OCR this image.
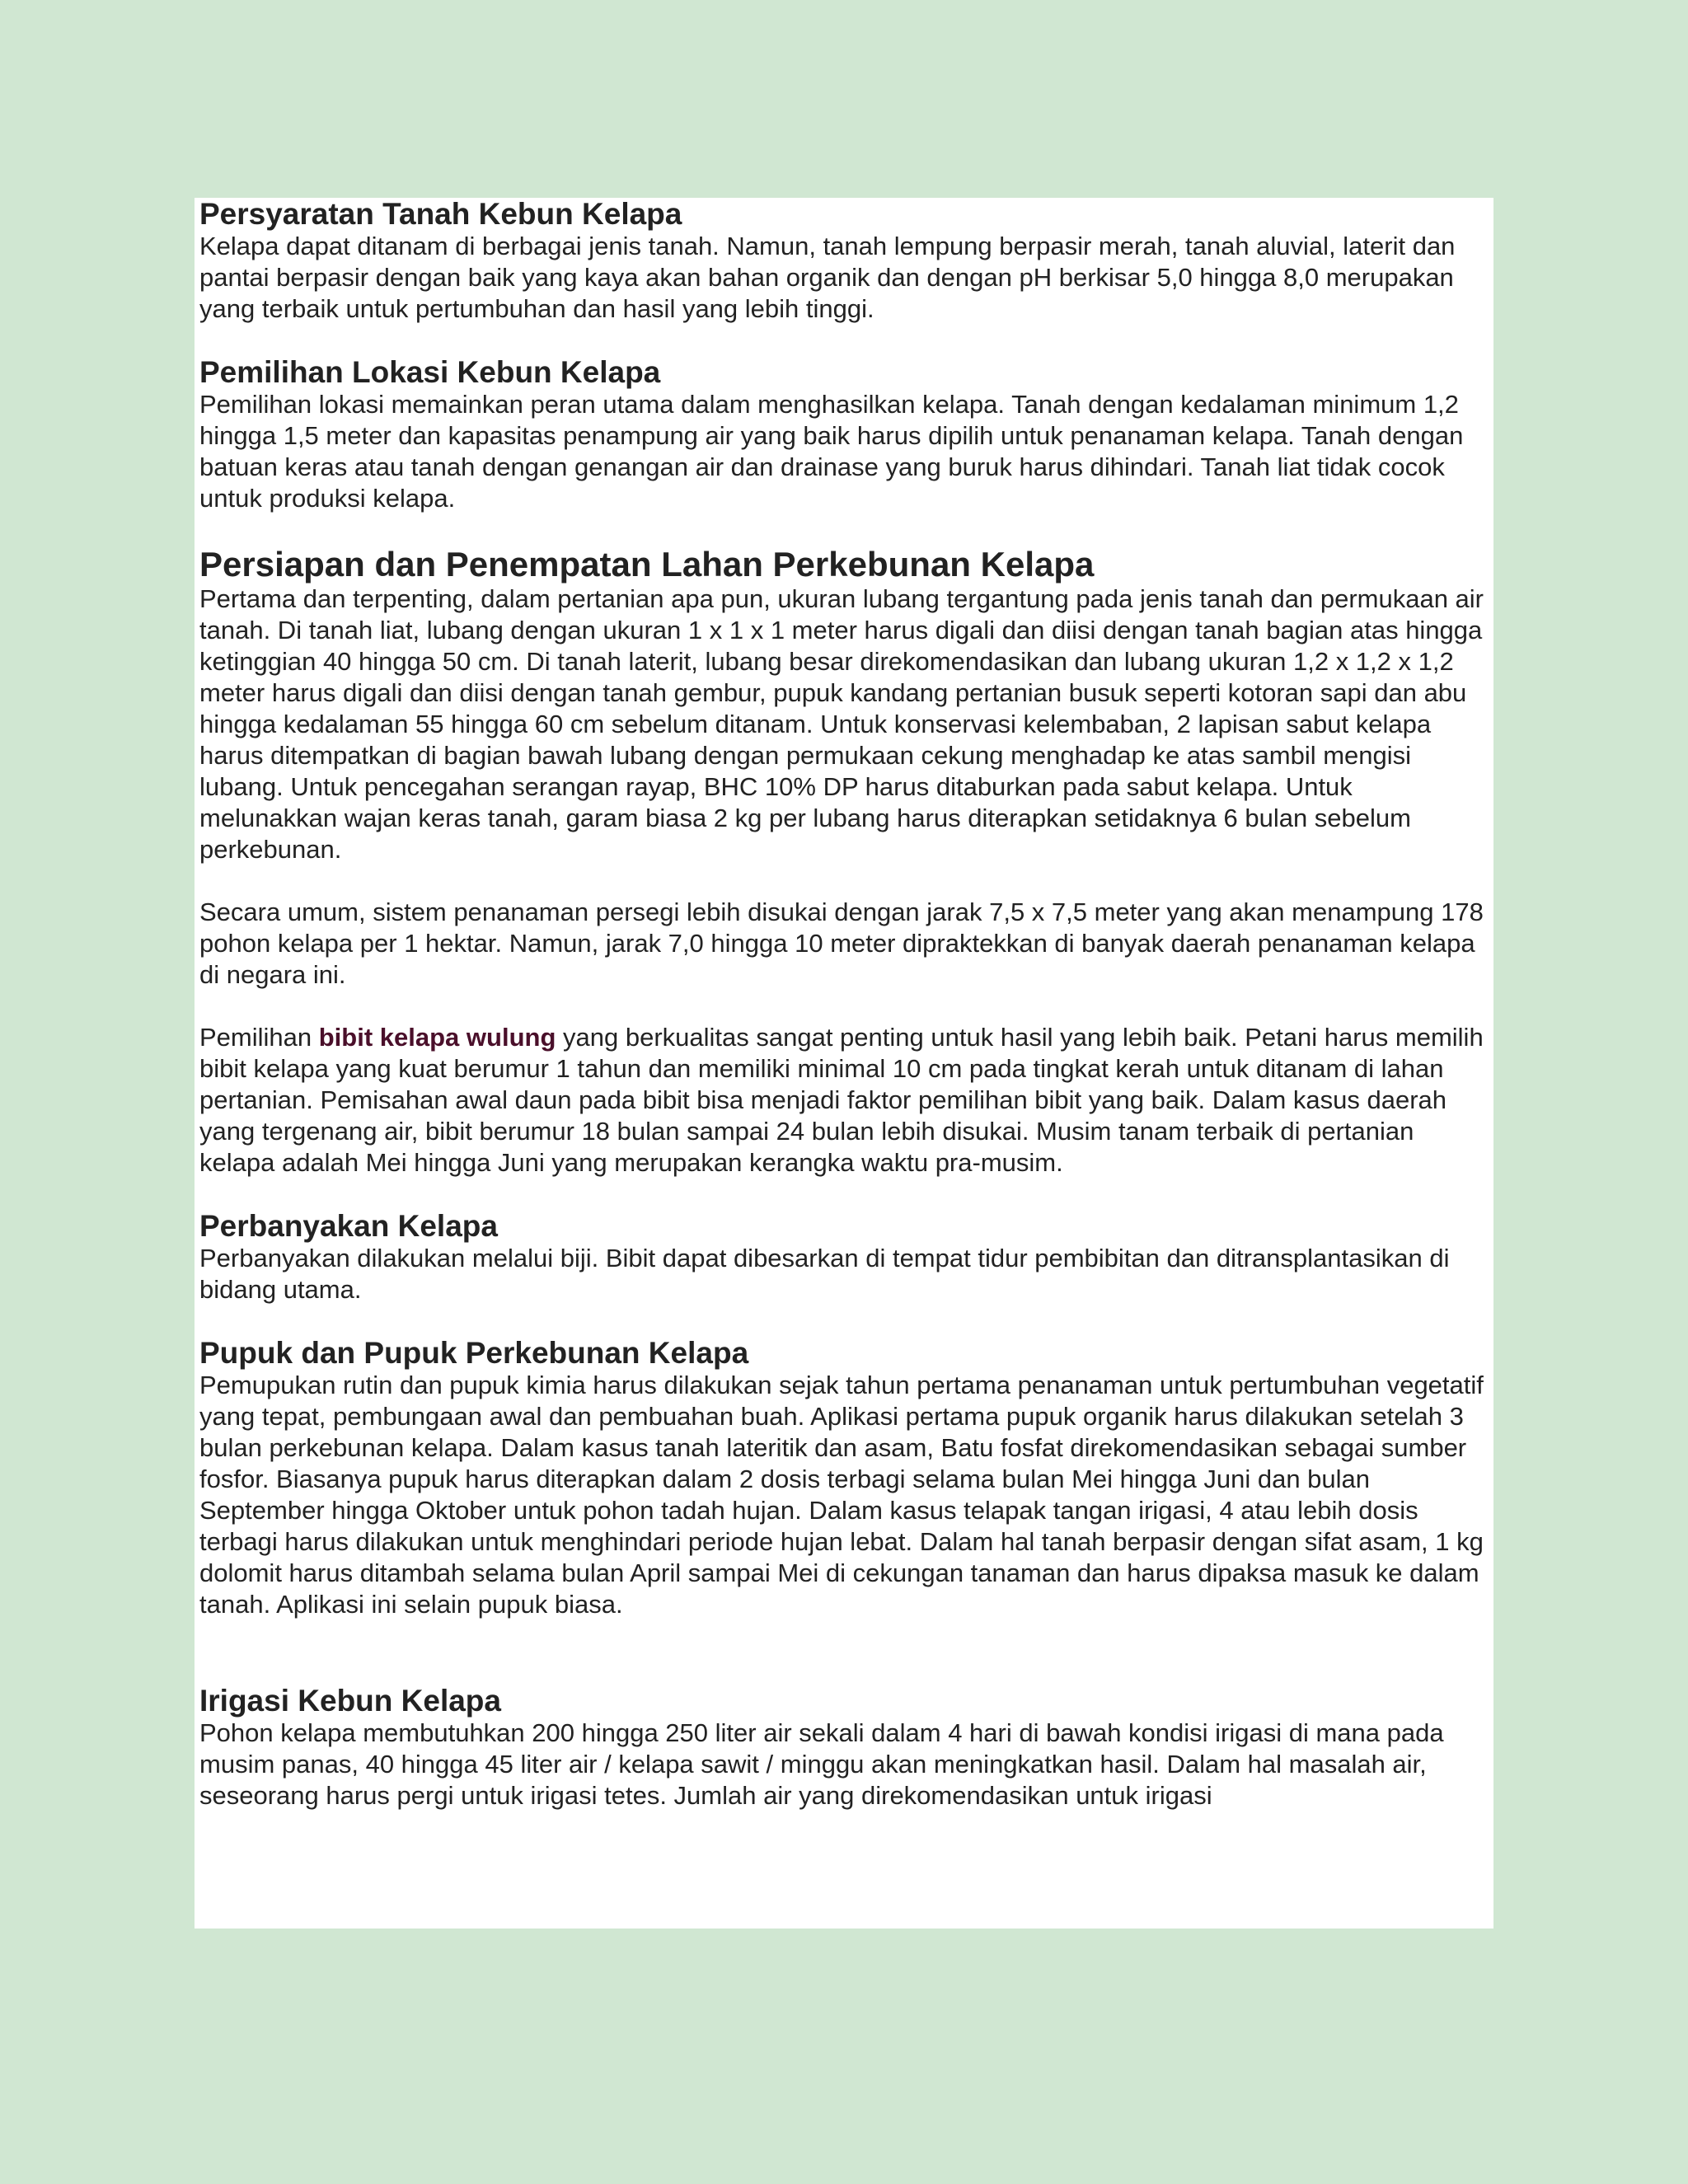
Persyaratan Tanah Kebun Kelapa

Kelapa dapat ditanam di berbagai jenis tanah. Namun, tanah lempung berpasir merah, tanah aluvial, laterit dan pantai berpasir dengan baik yang kaya akan bahan organik dan dengan pH berkisar 5,0 hingga 8,0 merupakan yang terbaik untuk pertumbuhan dan hasil yang lebih tinggi.

Pemilihan Lokasi Kebun Kelapa

Pemilihan lokasi memainkan peran utama dalam menghasilkan kelapa. Tanah dengan kedalaman minimum 1,2 hingga 1,5 meter dan kapasitas penampung air yang baik harus dipilih untuk penanaman kelapa. Tanah dengan batuan keras atau tanah dengan genangan air dan drainase yang buruk harus dihindari. Tanah liat tidak cocok untuk produksi kelapa.

Persiapan dan Penempatan Lahan Perkebunan Kelapa

Pertama dan terpenting, dalam pertanian apa pun, ukuran lubang tergantung pada jenis tanah dan permukaan air tanah. Di tanah liat, lubang dengan ukuran 1 x 1 x 1 meter harus digali dan diisi dengan tanah bagian atas hingga ketinggian 40 hingga 50 cm. Di tanah laterit, lubang besar direkomendasikan dan lubang ukuran 1,2 x 1,2 x 1,2 meter harus digali dan diisi dengan tanah gembur, pupuk kandang pertanian busuk seperti kotoran sapi dan abu hingga kedalaman 55 hingga 60 cm sebelum ditanam. Untuk konservasi kelembaban, 2 lapisan sabut kelapa harus ditempatkan di bagian bawah lubang dengan permukaan cekung menghadap ke atas sambil mengisi lubang. Untuk pencegahan serangan rayap, BHC 10% DP harus ditaburkan pada sabut kelapa. Untuk melunakkan wajan keras tanah, garam biasa 2 kg per lubang harus diterapkan setidaknya 6 bulan sebelum perkebunan.

Secara umum, sistem penanaman persegi lebih disukai dengan jarak 7,5 x 7,5 meter yang akan menampung 178 pohon kelapa per 1 hektar. Namun, jarak 7,0 hingga 10 meter dipraktekkan di banyak daerah penanaman kelapa di negara ini.

Pemilihan bibit kelapa wulung yang berkualitas sangat penting untuk hasil yang lebih baik. Petani harus memilih bibit kelapa yang kuat berumur 1 tahun dan memiliki minimal 10 cm pada tingkat kerah untuk ditanam di lahan pertanian. Pemisahan awal daun pada bibit bisa menjadi faktor pemilihan bibit yang baik. Dalam kasus daerah yang tergenang air, bibit berumur 18 bulan sampai 24 bulan lebih disukai. Musim tanam terbaik di pertanian kelapa adalah Mei hingga Juni yang merupakan kerangka waktu pra-musim.

Perbanyakan Kelapa

Perbanyakan dilakukan melalui biji. Bibit dapat dibesarkan di tempat tidur pembibitan dan ditransplantasikan di bidang utama.

Pupuk dan Pupuk Perkebunan Kelapa

Pemupukan rutin dan pupuk kimia harus dilakukan sejak tahun pertama penanaman untuk pertumbuhan vegetatif yang tepat, pembungaan awal dan pembuahan buah. Aplikasi pertama pupuk organik harus dilakukan setelah 3 bulan perkebunan kelapa. Dalam kasus tanah lateritik dan asam, Batu fosfat direkomendasikan sebagai sumber fosfor. Biasanya pupuk harus diterapkan dalam 2 dosis terbagi selama bulan Mei hingga Juni dan bulan September hingga Oktober untuk pohon tadah hujan. Dalam kasus telapak tangan irigasi, 4 atau lebih dosis terbagi harus dilakukan untuk menghindari periode hujan lebat. Dalam hal tanah berpasir dengan sifat asam, 1 kg dolomit harus ditambah selama bulan April sampai Mei di cekungan tanaman dan harus dipaksa masuk ke dalam tanah. Aplikasi ini selain pupuk biasa.

Irigasi Kebun Kelapa

Pohon kelapa membutuhkan 200 hingga 250 liter air sekali dalam 4 hari di bawah kondisi irigasi di mana pada musim panas, 40 hingga 45 liter air / kelapa sawit / minggu akan meningkatkan hasil. Dalam hal masalah air, seseorang harus pergi untuk irigasi tetes. Jumlah air yang direkomendasikan untuk irigasi
